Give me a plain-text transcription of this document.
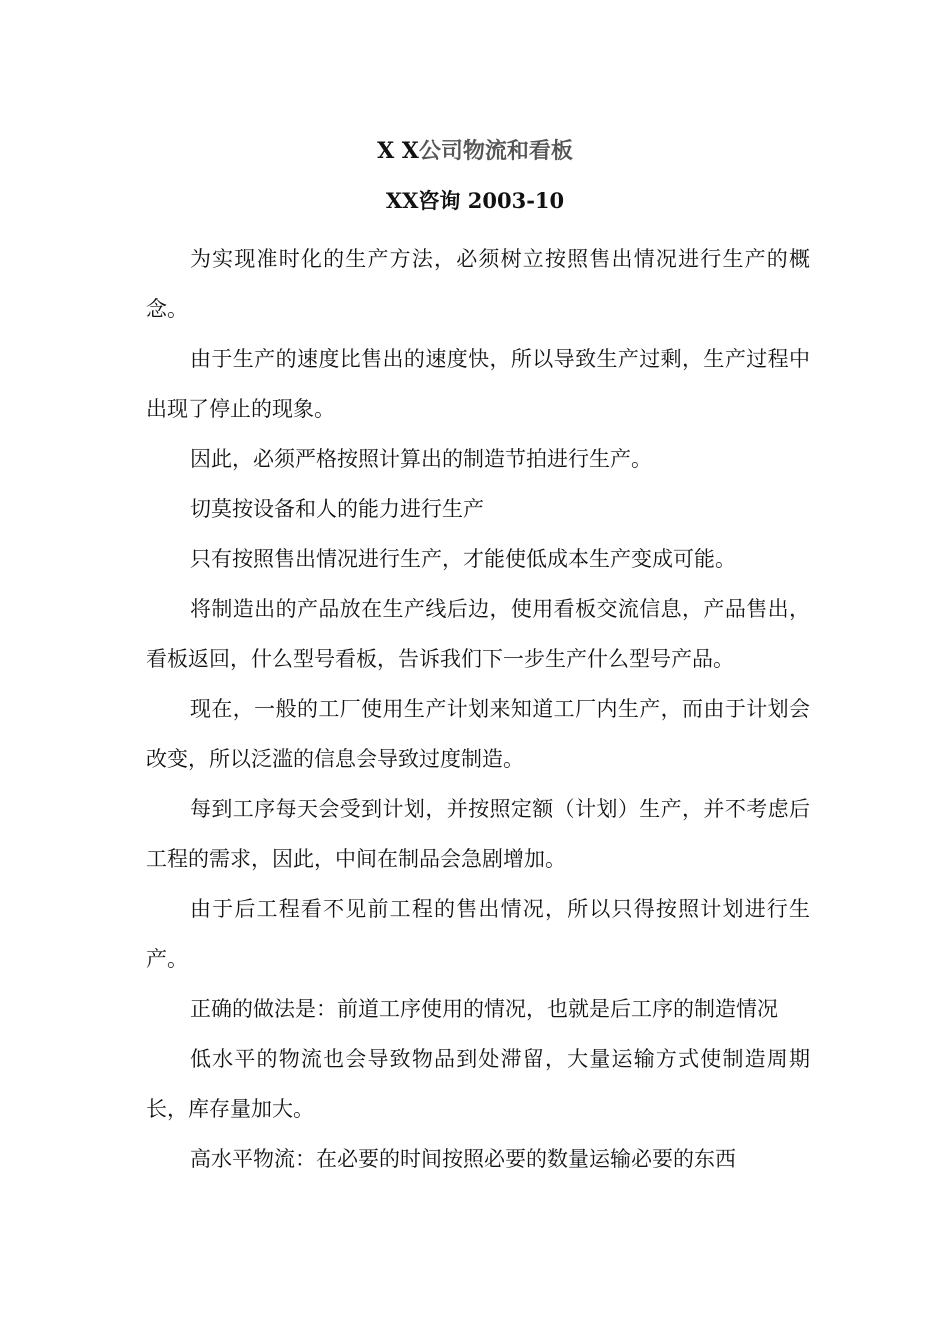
X X公司物流和看板
XX咨询 2003-10

为实现准时化的生产方法，必须树立按照售出情况进行生产的概念。

由于生产的速度比售出的速度快，所以导致生产过剩，生产过程中出现了停止的现象。

因此，必须严格按照计算出的制造节拍进行生产。

切莫按设备和人的能力进行生产

只有按照售出情况进行生产，才能使低成本生产变成可能。

将制造出的产品放在生产线后边，使用看板交流信息，产品售出，看板返回，什么型号看板，告诉我们下一步生产什么型号产品。

现在，一般的工厂使用生产计划来知道工厂内生产，而由于计划会改变，所以泛滥的信息会导致过度制造。

每到工序每天会受到计划，并按照定额（计划）生产，并不考虑后工程的需求，因此，中间在制品会急剧增加。

由于后工程看不见前工程的售出情况，所以只得按照计划进行生产。

正确的做法是：前道工序使用的情况，也就是后工序的制造情况

低水平的物流也会导致物品到处滞留，大量运输方式使制造周期长，库存量加大。

高水平物流：在必要的时间按照必要的数量运输必要的东西
